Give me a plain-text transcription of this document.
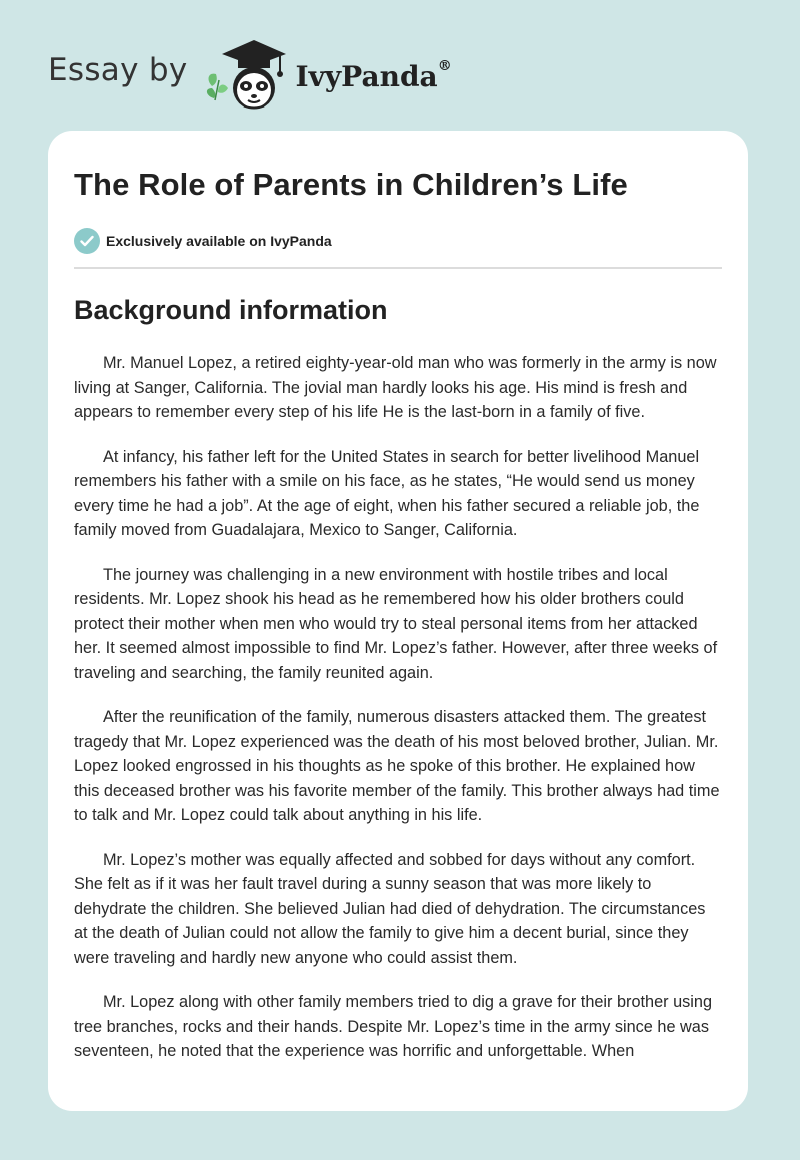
Essay by	IvyPanda®
The Role of Parents in Children’s Life
Exclusively available on IvyPanda
Background information

Mr. Manuel Lopez, a retired eighty-year-old man who was formerly in the army is now living at Sanger, California. The jovial man hardly looks his age. His mind is fresh and appears to remember every step of his life He is the last-born in a family of five.

At infancy, his father left for the United States in search for better livelihood Manuel remembers his father with a smile on his face, as he states, “He would send us money every time he had a job”. At the age of eight, when his father secured a reliable job, the family moved from Guadalajara, Mexico to Sanger, California.

The journey was challenging in a new environment with hostile tribes and local residents. Mr. Lopez shook his head as he remembered how his older brothers could protect their mother when men who would try to steal personal items from her attacked her. It seemed almost impossible to find Mr. Lopez’s father. However, after three weeks of traveling and searching, the family reunited again.

After the reunification of the family, numerous disasters attacked them. The greatest tragedy that Mr. Lopez experienced was the death of his most beloved brother, Julian. Mr. Lopez looked engrossed in his thoughts as he spoke of this brother. He explained how this deceased brother was his favorite member of the family. This brother always had time to talk and Mr. Lopez could talk about anything in his life.

Mr. Lopez’s mother was equally affected and sobbed for days without any comfort. She felt as if it was her fault travel during a sunny season that was more likely to dehydrate the children. She believed Julian had died of dehydration. The circumstances at the death of Julian could not allow the family to give him a decent burial, since they were traveling and hardly new anyone who could assist them.

Mr. Lopez along with other family members tried to dig a grave for their brother using tree branches, rocks and their hands. Despite Mr. Lopez’s time in the army since he was seventeen, he noted that the experience was horrific and unforgettable. When
